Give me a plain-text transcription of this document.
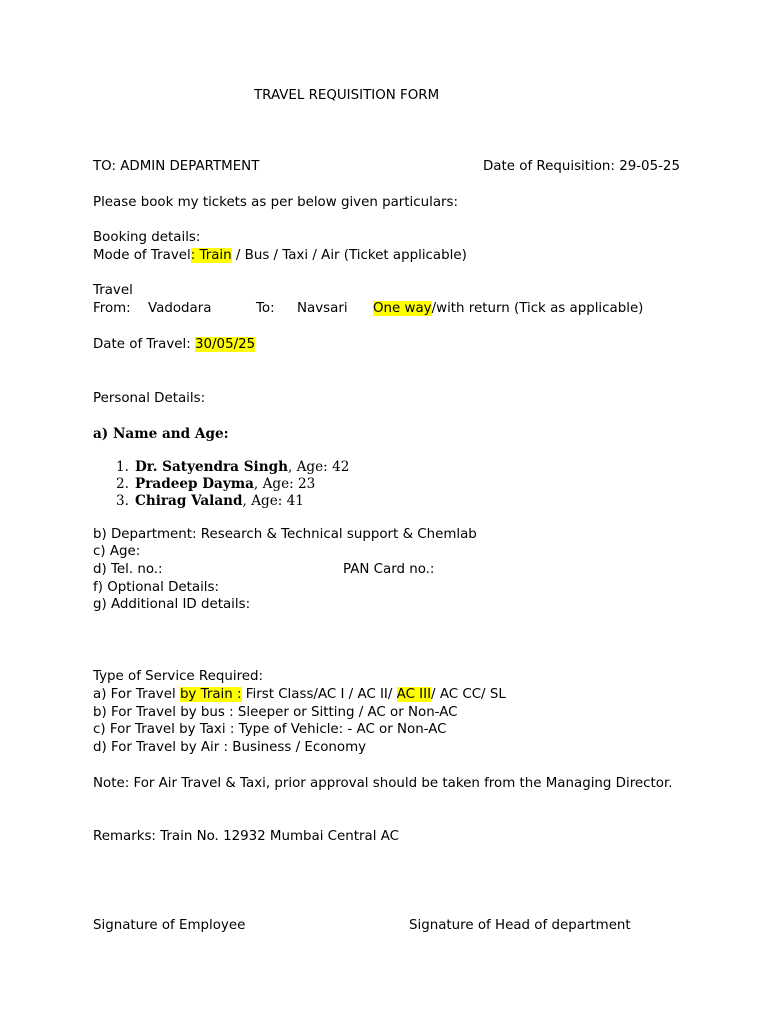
TRAVEL REQUISITION FORM
TO: ADMIN DEPARTMENT	Date of Requisition: 29-05-25
Please book my tickets as per below given particulars:
Booking details:
Mode of Travel: Train / Bus / Taxi / Air (Ticket applicable)
Travel
From: Vadodara	To: Navsari One way/with return (Tick as applicable)
Date of Travel: 30/05/25
Personal Details:
a) Name and Age:
1. Dr. Satyendra Singh, Age: 42
2. Pradeep Dayma, Age: 23
3. Chirag Valand, Age: 41
b) Department: Research & Technical support & Chemlab
c) Age:
d) Tel. no.:	PAN Card no.:
f) Optional Details:
g) Additional ID details:
Type of Service Required:
a) For Travel by Train : First Class/AC I / AC II/ AC III/ AC CC/ SL
b) For Travel by bus : Sleeper or Sitting / AC or Non-AC
c) For Travel by Taxi : Type of Vehicle: - AC or Non-AC
d) For Travel by Air : Business / Economy
Note: For Air Travel & Taxi, prior approval should be taken from the Managing Director.
Remarks: Train No. 12932 Mumbai Central AC
Signature of Employee	Signature of Head of department
